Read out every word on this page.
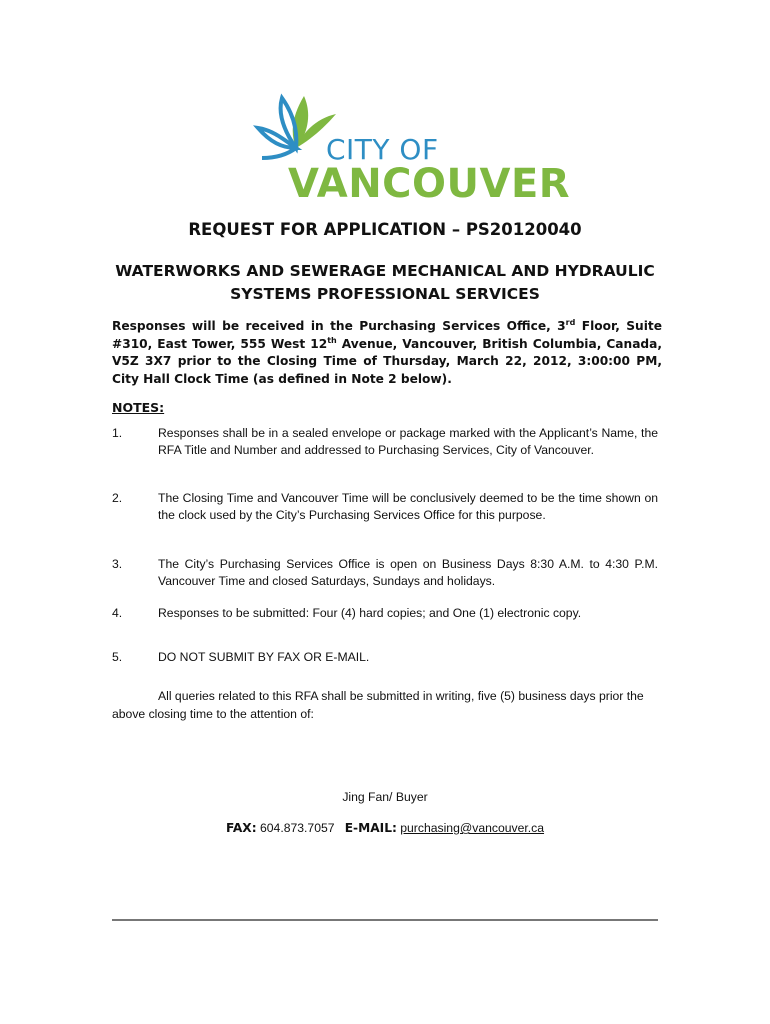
CITY OF
VANCOUVER
REQUEST FOR APPLICATION – PS20120040
WATERWORKS AND SEWERAGE MECHANICAL AND HYDRAULIC
SYSTEMS PROFESSIONAL SERVICES
Responses will be received in the Purchasing Services Office, 3rd Floor, Suite #310, East Tower, 555 West 12th Avenue, Vancouver, British Columbia, Canada, V5Z 3X7 prior to the Closing Time of Thursday, March 22, 2012, 3:00:00 PM, City Hall Clock Time (as defined in Note 2 below).
NOTES:
1.	Responses shall be in a sealed envelope or package marked with the Applicant’s Name, the RFA Title and Number and addressed to Purchasing Services, City of Vancouver.
2.	The Closing Time and Vancouver Time will be conclusively deemed to be the time shown on the clock used by the City’s Purchasing Services Office for this purpose.
3.	The City’s Purchasing Services Office is open on Business Days 8:30 A.M. to 4:30 P.M. Vancouver Time and closed Saturdays, Sundays and holidays.
4.	Responses to be submitted: Four (4) hard copies; and One (1) electronic copy.
5.	DO NOT SUBMIT BY FAX OR E-MAIL.
All queries related to this RFA shall be submitted in writing, five (5) business days prior the above closing time to the attention of:
Jing Fan/ Buyer
FAX: 604.873.7057 E-MAIL: purchasing@vancouver.ca
